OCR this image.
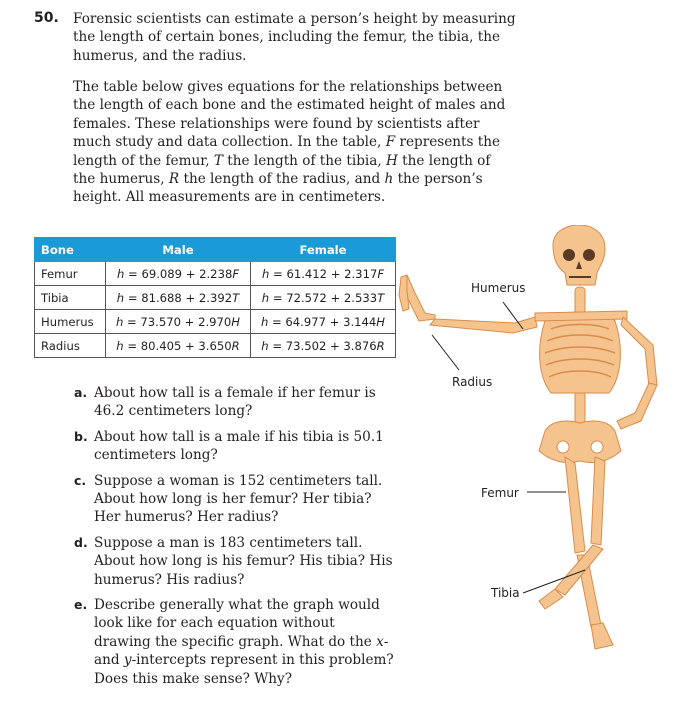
50. Forensic scientists can estimate a person’s height by measuring the length of certain bones, including the femur, the tibia, the humerus, and the radius.

The table below gives equations for the relationships between the length of each bone and the estimated height of males and females. These relationships were found by scientists after much study and data collection. In the table, F represents the length of the femur, T the length of the tibia, H the length of the humerus, R the length of the radius, and h the person’s height. All measurements are in centimeters.

Bone	Male	Female
Femur	h = 69.089 + 2.238F	h = 61.412 + 2.317F
Tibia	h = 81.688 + 2.392T	h = 72.572 + 2.533T
Humerus	h = 73.570 + 2.970H	h = 64.977 + 3.144H
Radius	h = 80.405 + 3.650R	h = 73.502 + 3.876R
a. About how tall is a female if her femur is 46.2 centimeters long?
b. About how tall is a male if his tibia is 50.1 centimeters long?
c. Suppose a woman is 152 centimeters tall. About how long is her femur? Her tibia? Her humerus? Her radius?
d. Suppose a man is 183 centimeters tall. About how long is his femur? His tibia? His humerus? His radius?
e. Describe generally what the graph would look like for each equation without drawing the specific graph. What do the x- and y-intercepts represent in this problem? Does this make sense? Why?
Humerus
Radius
Femur
Tibia
